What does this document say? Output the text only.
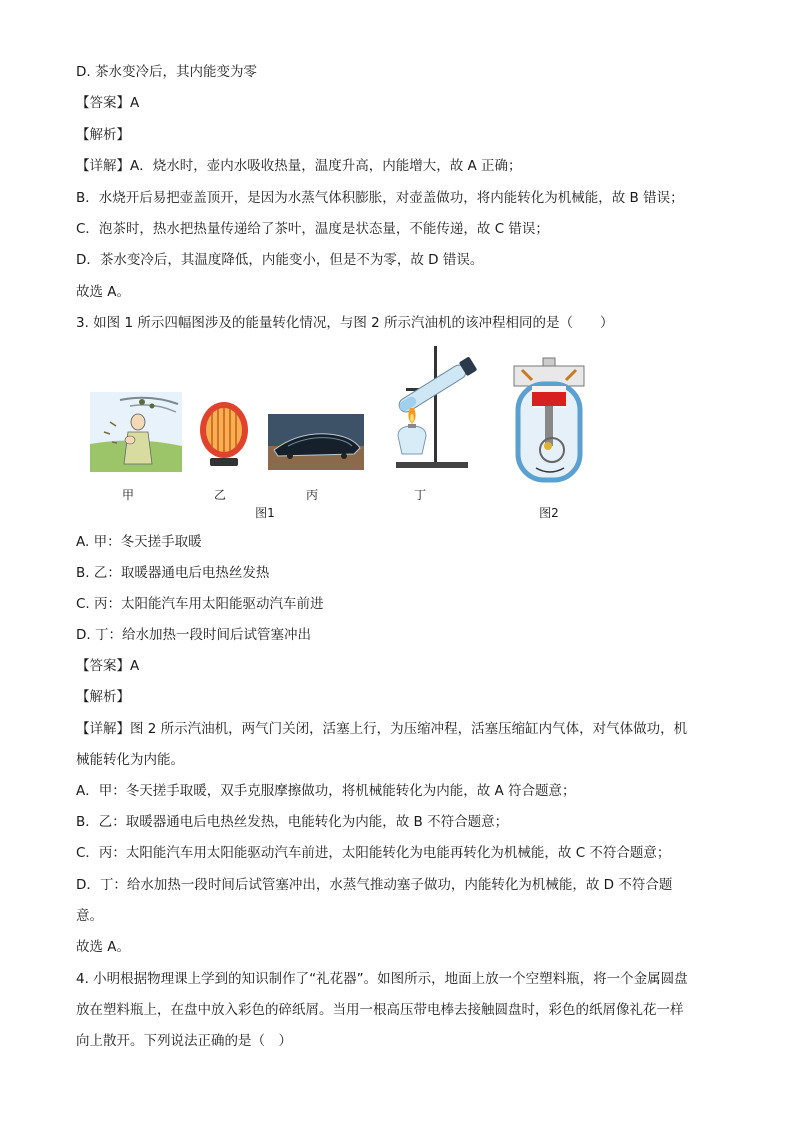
D. 茶水变冷后，其内能变为零
【答案】A
【解析】
【详解】A．烧水时，壶内水吸收热量，温度升高，内能增大，故 A 正确；
B．水烧开后易把壶盖顶开，是因为水蒸气体积膨胀，对壶盖做功，将内能转化为机械能，故 B 错误；
C．泡茶时，热水把热量传递给了茶叶，温度是状态量，不能传递，故 C 错误；
D．茶水变冷后，其温度降低，内能变小，但是不为零，故 D 错误。
故选 A。
3. 如图 1 所示四幅图涉及的能量转化情况，与图 2 所示汽油机的该冲程相同的是（　　）
甲	乙	丙	丁
图1	图2
A. 甲：冬天搓手取暖
B. 乙：取暖器通电后电热丝发热
C. 丙：太阳能汽车用太阳能驱动汽车前进
D. 丁：给水加热一段时间后试管塞冲出
【答案】A
【解析】
【详解】图 2 所示汽油机，两气门关闭，活塞上行，为压缩冲程，活塞压缩缸内气体，对气体做功，机
械能转化为内能。
A．甲：冬天搓手取暖，双手克服摩擦做功，将机械能转化为内能，故 A 符合题意；
B．乙：取暖器通电后电热丝发热，电能转化为内能，故 B 不符合题意；
C．丙：太阳能汽车用太阳能驱动汽车前进，太阳能转化为电能再转化为机械能，故 C 不符合题意；
D．丁：给水加热一段时间后试管塞冲出，水蒸气推动塞子做功，内能转化为机械能，故 D 不符合题
意。
故选 A。
4. 小明根据物理课上学到的知识制作了“礼花器”。如图所示，地面上放一个空塑料瓶，将一个金属圆盘
放在塑料瓶上，在盘中放入彩色的碎纸屑。当用一根高压带电棒去接触圆盘时，彩色的纸屑像礼花一样
向上散开。下列说法正确的是（　）
